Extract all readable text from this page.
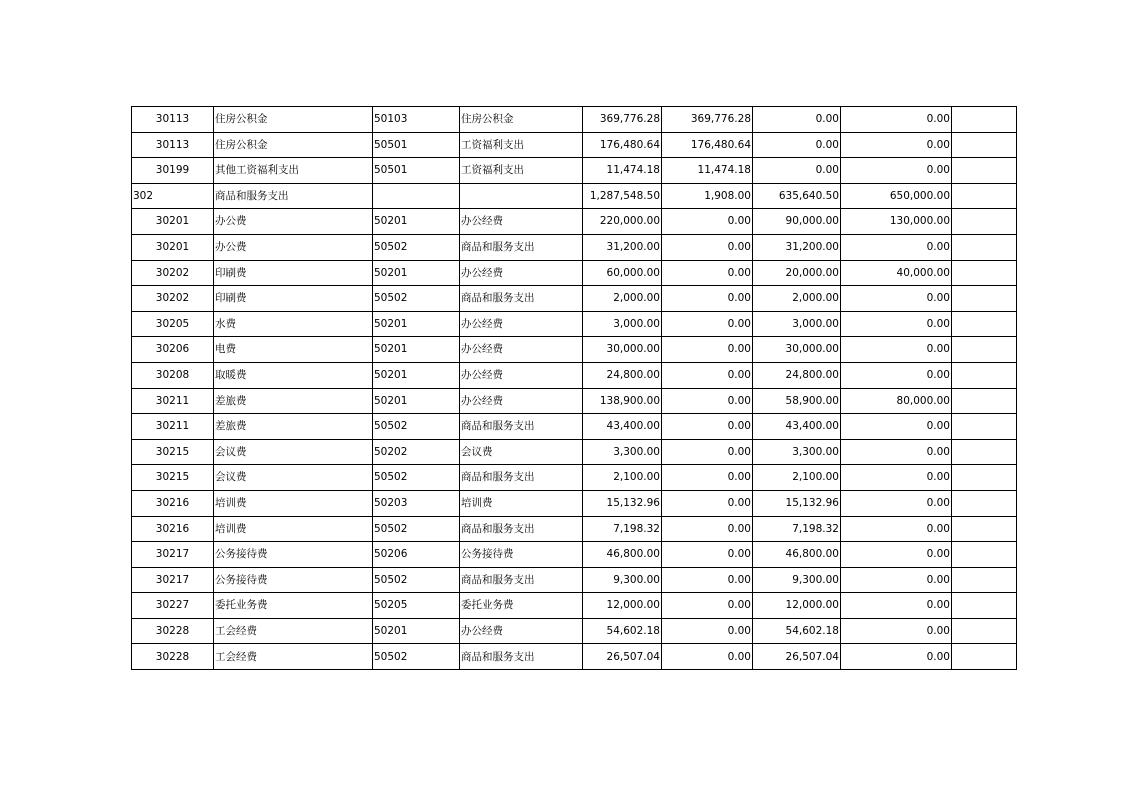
30113	住房公积金	50103	住房公积金	369,776.28	369,776.28	0.00	0.00	
30113	住房公积金	50501	工资福利支出	176,480.64	176,480.64	0.00	0.00	
30199	其他工资福利支出	50501	工资福利支出	11,474.18	11,474.18	0.00	0.00	
302	商品和服务支出			1,287,548.50	1,908.00	635,640.50	650,000.00	
30201	办公费	50201	办公经费	220,000.00	0.00	90,000.00	130,000.00	
30201	办公费	50502	商品和服务支出	31,200.00	0.00	31,200.00	0.00	
30202	印刷费	50201	办公经费	60,000.00	0.00	20,000.00	40,000.00	
30202	印刷费	50502	商品和服务支出	2,000.00	0.00	2,000.00	0.00	
30205	水费	50201	办公经费	3,000.00	0.00	3,000.00	0.00	
30206	电费	50201	办公经费	30,000.00	0.00	30,000.00	0.00	
30208	取暖费	50201	办公经费	24,800.00	0.00	24,800.00	0.00	
30211	差旅费	50201	办公经费	138,900.00	0.00	58,900.00	80,000.00	
30211	差旅费	50502	商品和服务支出	43,400.00	0.00	43,400.00	0.00	
30215	会议费	50202	会议费	3,300.00	0.00	3,300.00	0.00	
30215	会议费	50502	商品和服务支出	2,100.00	0.00	2,100.00	0.00	
30216	培训费	50203	培训费	15,132.96	0.00	15,132.96	0.00	
30216	培训费	50502	商品和服务支出	7,198.32	0.00	7,198.32	0.00	
30217	公务接待费	50206	公务接待费	46,800.00	0.00	46,800.00	0.00	
30217	公务接待费	50502	商品和服务支出	9,300.00	0.00	9,300.00	0.00	
30227	委托业务费	50205	委托业务费	12,000.00	0.00	12,000.00	0.00	
30228	工会经费	50201	办公经费	54,602.18	0.00	54,602.18	0.00	
30228	工会经费	50502	商品和服务支出	26,507.04	0.00	26,507.04	0.00	
